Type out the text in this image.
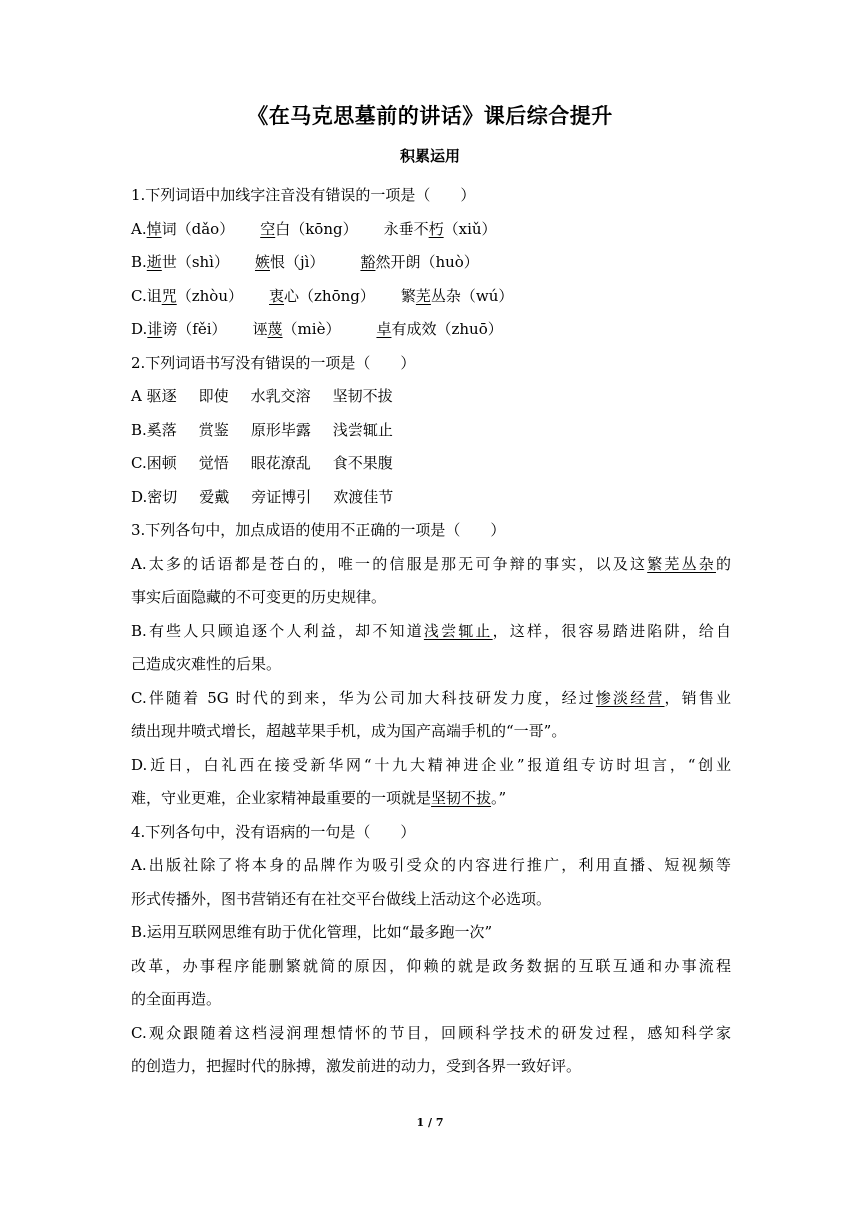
《在马克思墓前的讲话》课后综合提升
积累运用
1.下列词语中加线字注音没有错误的一项是（　　）
A.悼词（dǎo） 空白（kōng） 永垂不朽（xiǔ）
B.逝世（shì） 嫉恨（jì） 豁然开朗（huò）
C.诅咒（zhòu） 衷心（zhōng） 繁芜丛杂（wú）
D.诽谤（fěi） 诬蔑（miè） 卓有成效（zhuō）
2.下列词语书写没有错误的一项是（　　）
A 驱逐 即使 水乳交溶 坚韧不拔
B.奚落 赏鉴 原形毕露 浅尝辄止
C.困顿 觉悟 眼花潦乱 食不果腹
D.密切 爱戴 旁证博引 欢渡佳节
3.下列各句中，加点成语的使用不正确的一项是（　　）
A.太多的话语都是苍白的，唯一的信服是那无可争辩的事实，以及这繁芜丛杂的
事实后面隐藏的不可变更的历史规律。
B.有些人只顾追逐个人利益，却不知道浅尝辄止，这样，很容易踏进陷阱，给自
己造成灾难性的后果。
C.伴随着 5G 时代的到来，华为公司加大科技研发力度，经过惨淡经营，销售业
绩出现井喷式增长，超越苹果手机，成为国产高端手机的“一哥”。
D.近日，白礼西在接受新华网“十九大精神进企业”报道组专访时坦言，“创业
难，守业更难，企业家精神最重要的一项就是坚韧不拔。”
4.下列各句中，没有语病的一句是（　　）
A.出版社除了将本身的品牌作为吸引受众的内容进行推广，利用直播、短视频等
形式传播外，图书营销还有在社交平台做线上活动这个必选项。
B.运用互联网思维有助于优化管理，比如“最多跑一次”
改革，办事程序能删繁就简的原因，仰赖的就是政务数据的互联互通和办事流程
的全面再造。
C.观众跟随着这档浸润理想情怀的节目，回顾科学技术的研发过程，感知科学家
的创造力，把握时代的脉搏，激发前进的动力，受到各界一致好评。
1 / 7
